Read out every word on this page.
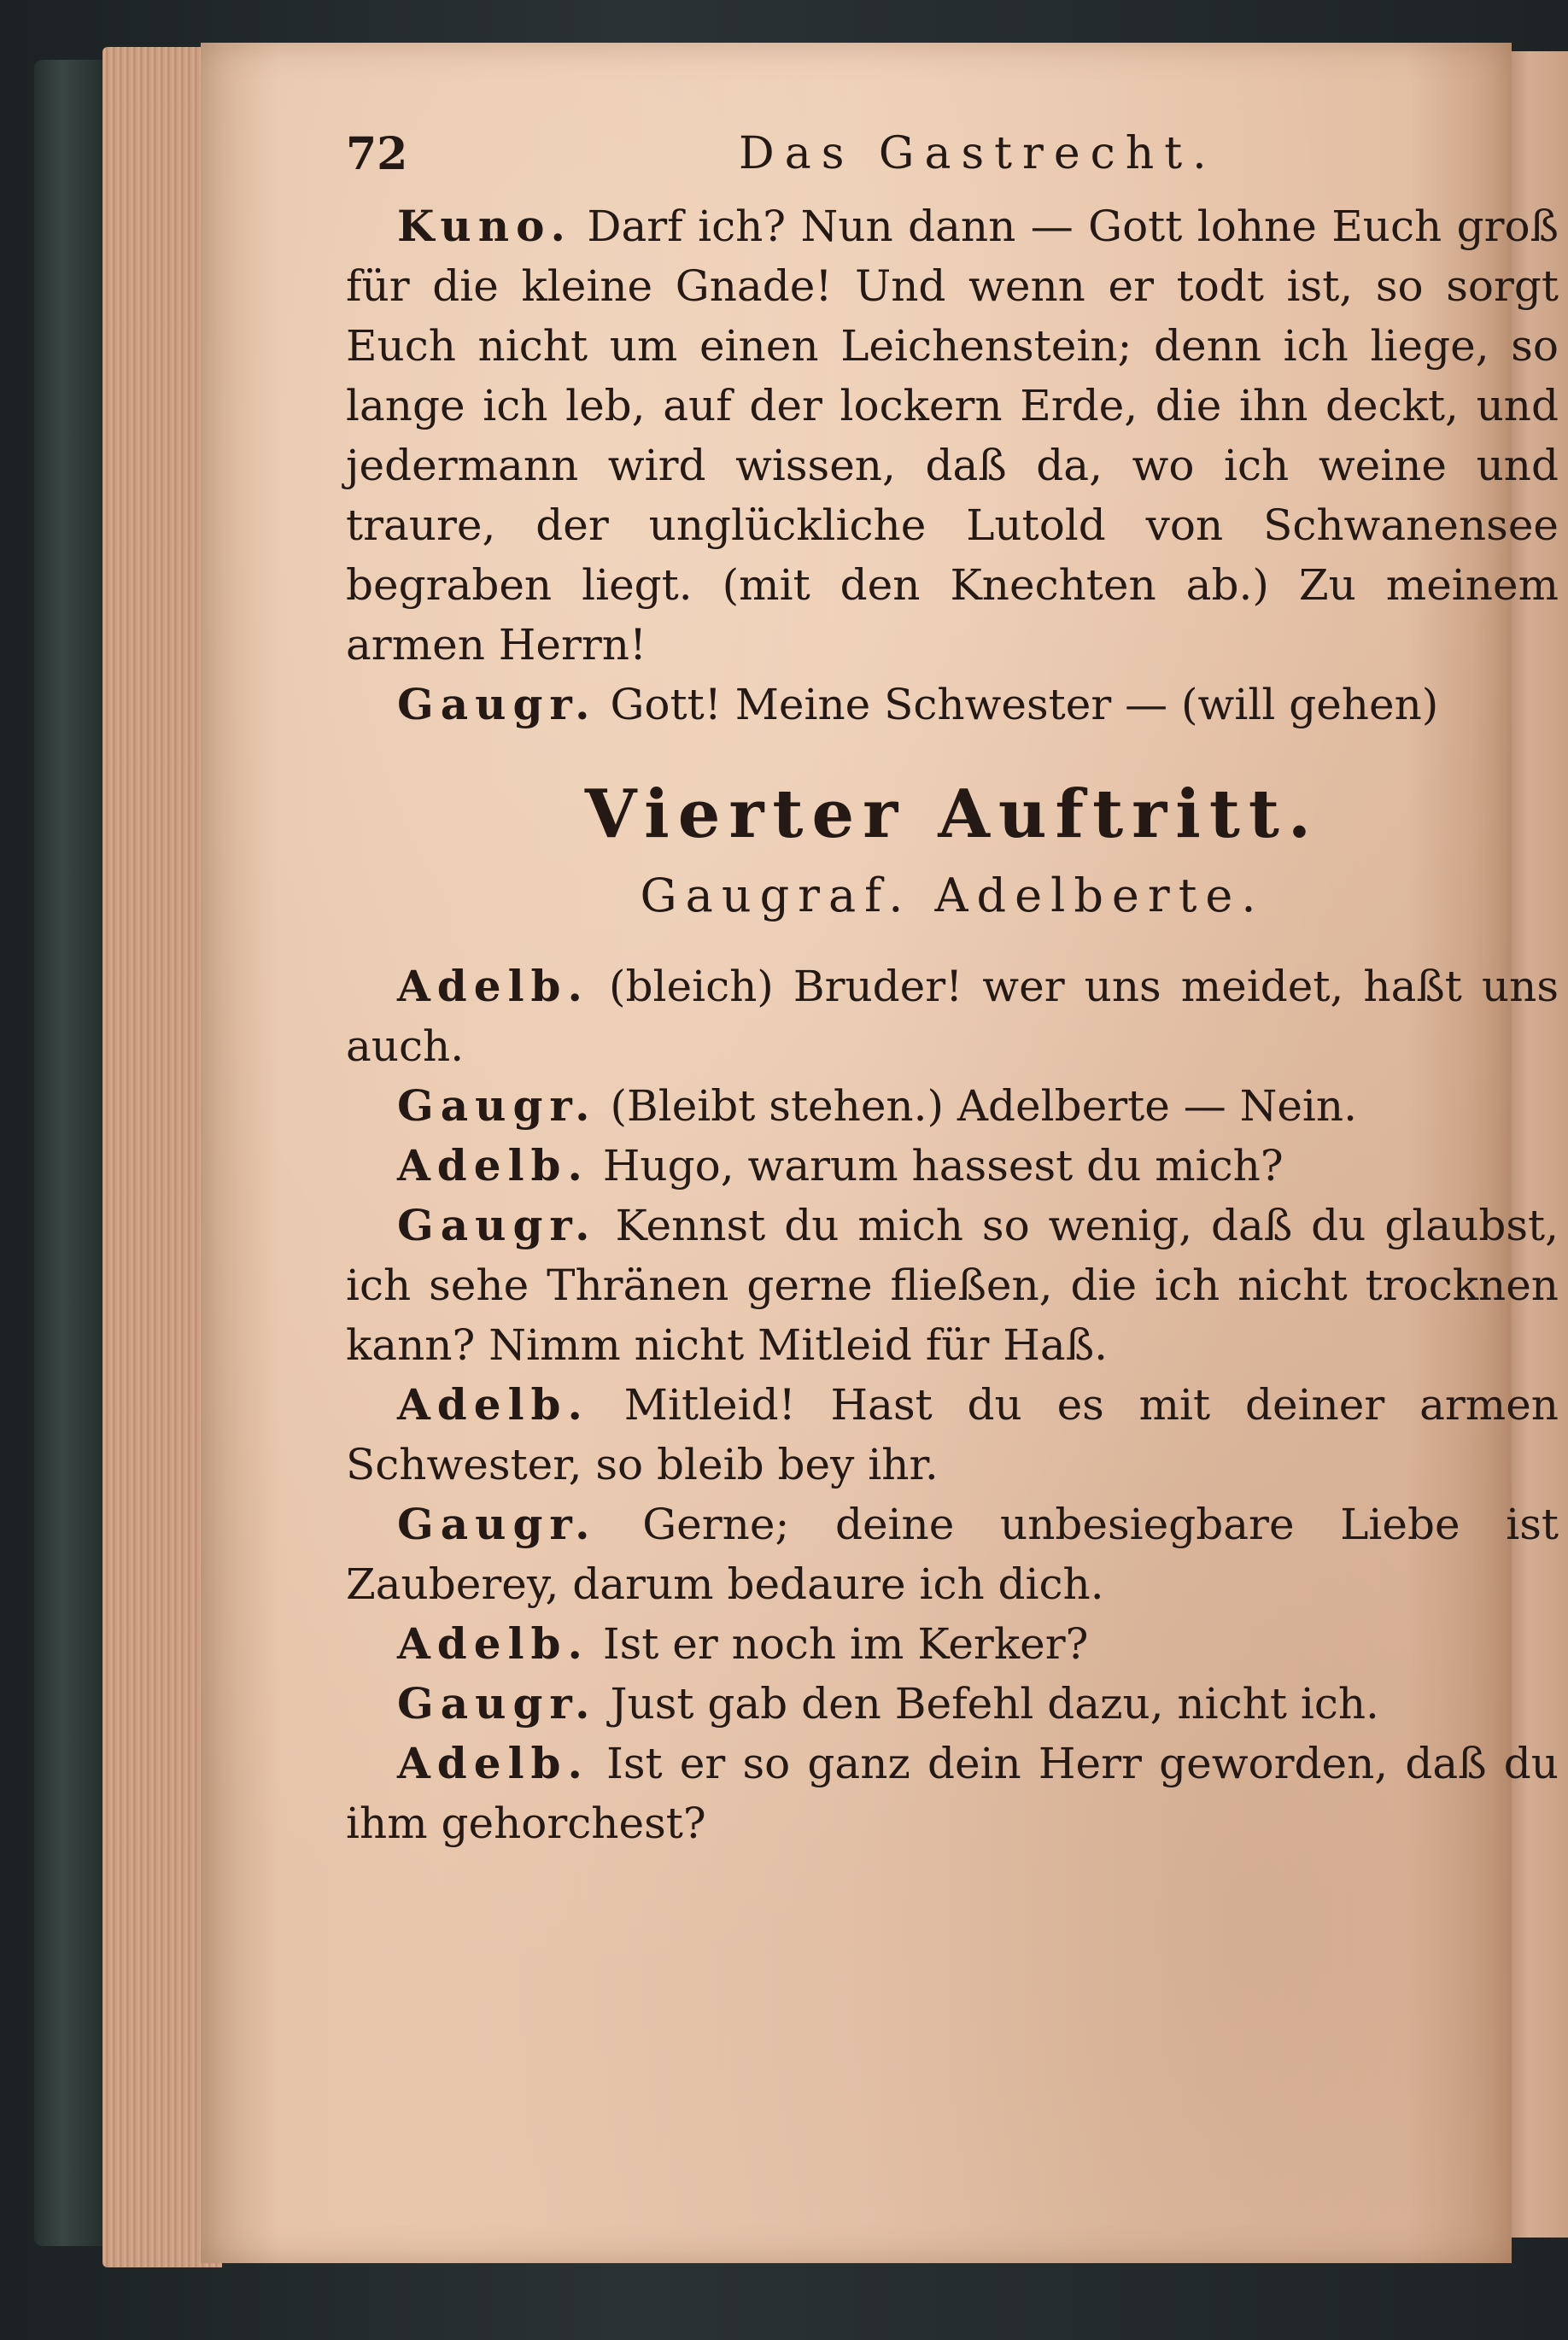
72	Das Gastrecht.

Kuno. Darf ich? Nun dann — Gott lohne Euch groß für die kleine Gnade! Und wenn er todt ist, so sorgt Euch nicht um einen Leichenstein; denn ich liege, so lange ich leb, auf der lockern Erde, die ihn deckt, und jedermann wird wissen, daß da, wo ich weine und traure, der unglückliche Lutold von Schwanensee begraben liegt. (mit den Knechten ab.) Zu meinem armen Herrn!

Gaugr. Gott! Meine Schwester — (will gehen)

Vierter Auftritt.
Gaugraf. Adelberte.

Adelb. (bleich) Bruder! wer uns meidet, haßt uns auch.

Gaugr. (Bleibt stehen.) Adelberte — Nein.

Adelb. Hugo, warum hassest du mich?

Gaugr. Kennst du mich so wenig, daß du glaubst, ich sehe Thränen gerne fließen, die ich nicht trocknen kann? Nimm nicht Mitleid für Haß.

Adelb. Mitleid! Hast du es mit deiner armen Schwester, so bleib bey ihr.

Gaugr. Gerne; deine unbesiegbare Liebe ist Zauberey, darum bedaure ich dich.

Adelb. Ist er noch im Kerker?

Gaugr. Just gab den Befehl dazu, nicht ich.

Adelb. Ist er so ganz dein Herr geworden, daß du ihm gehorchest?
